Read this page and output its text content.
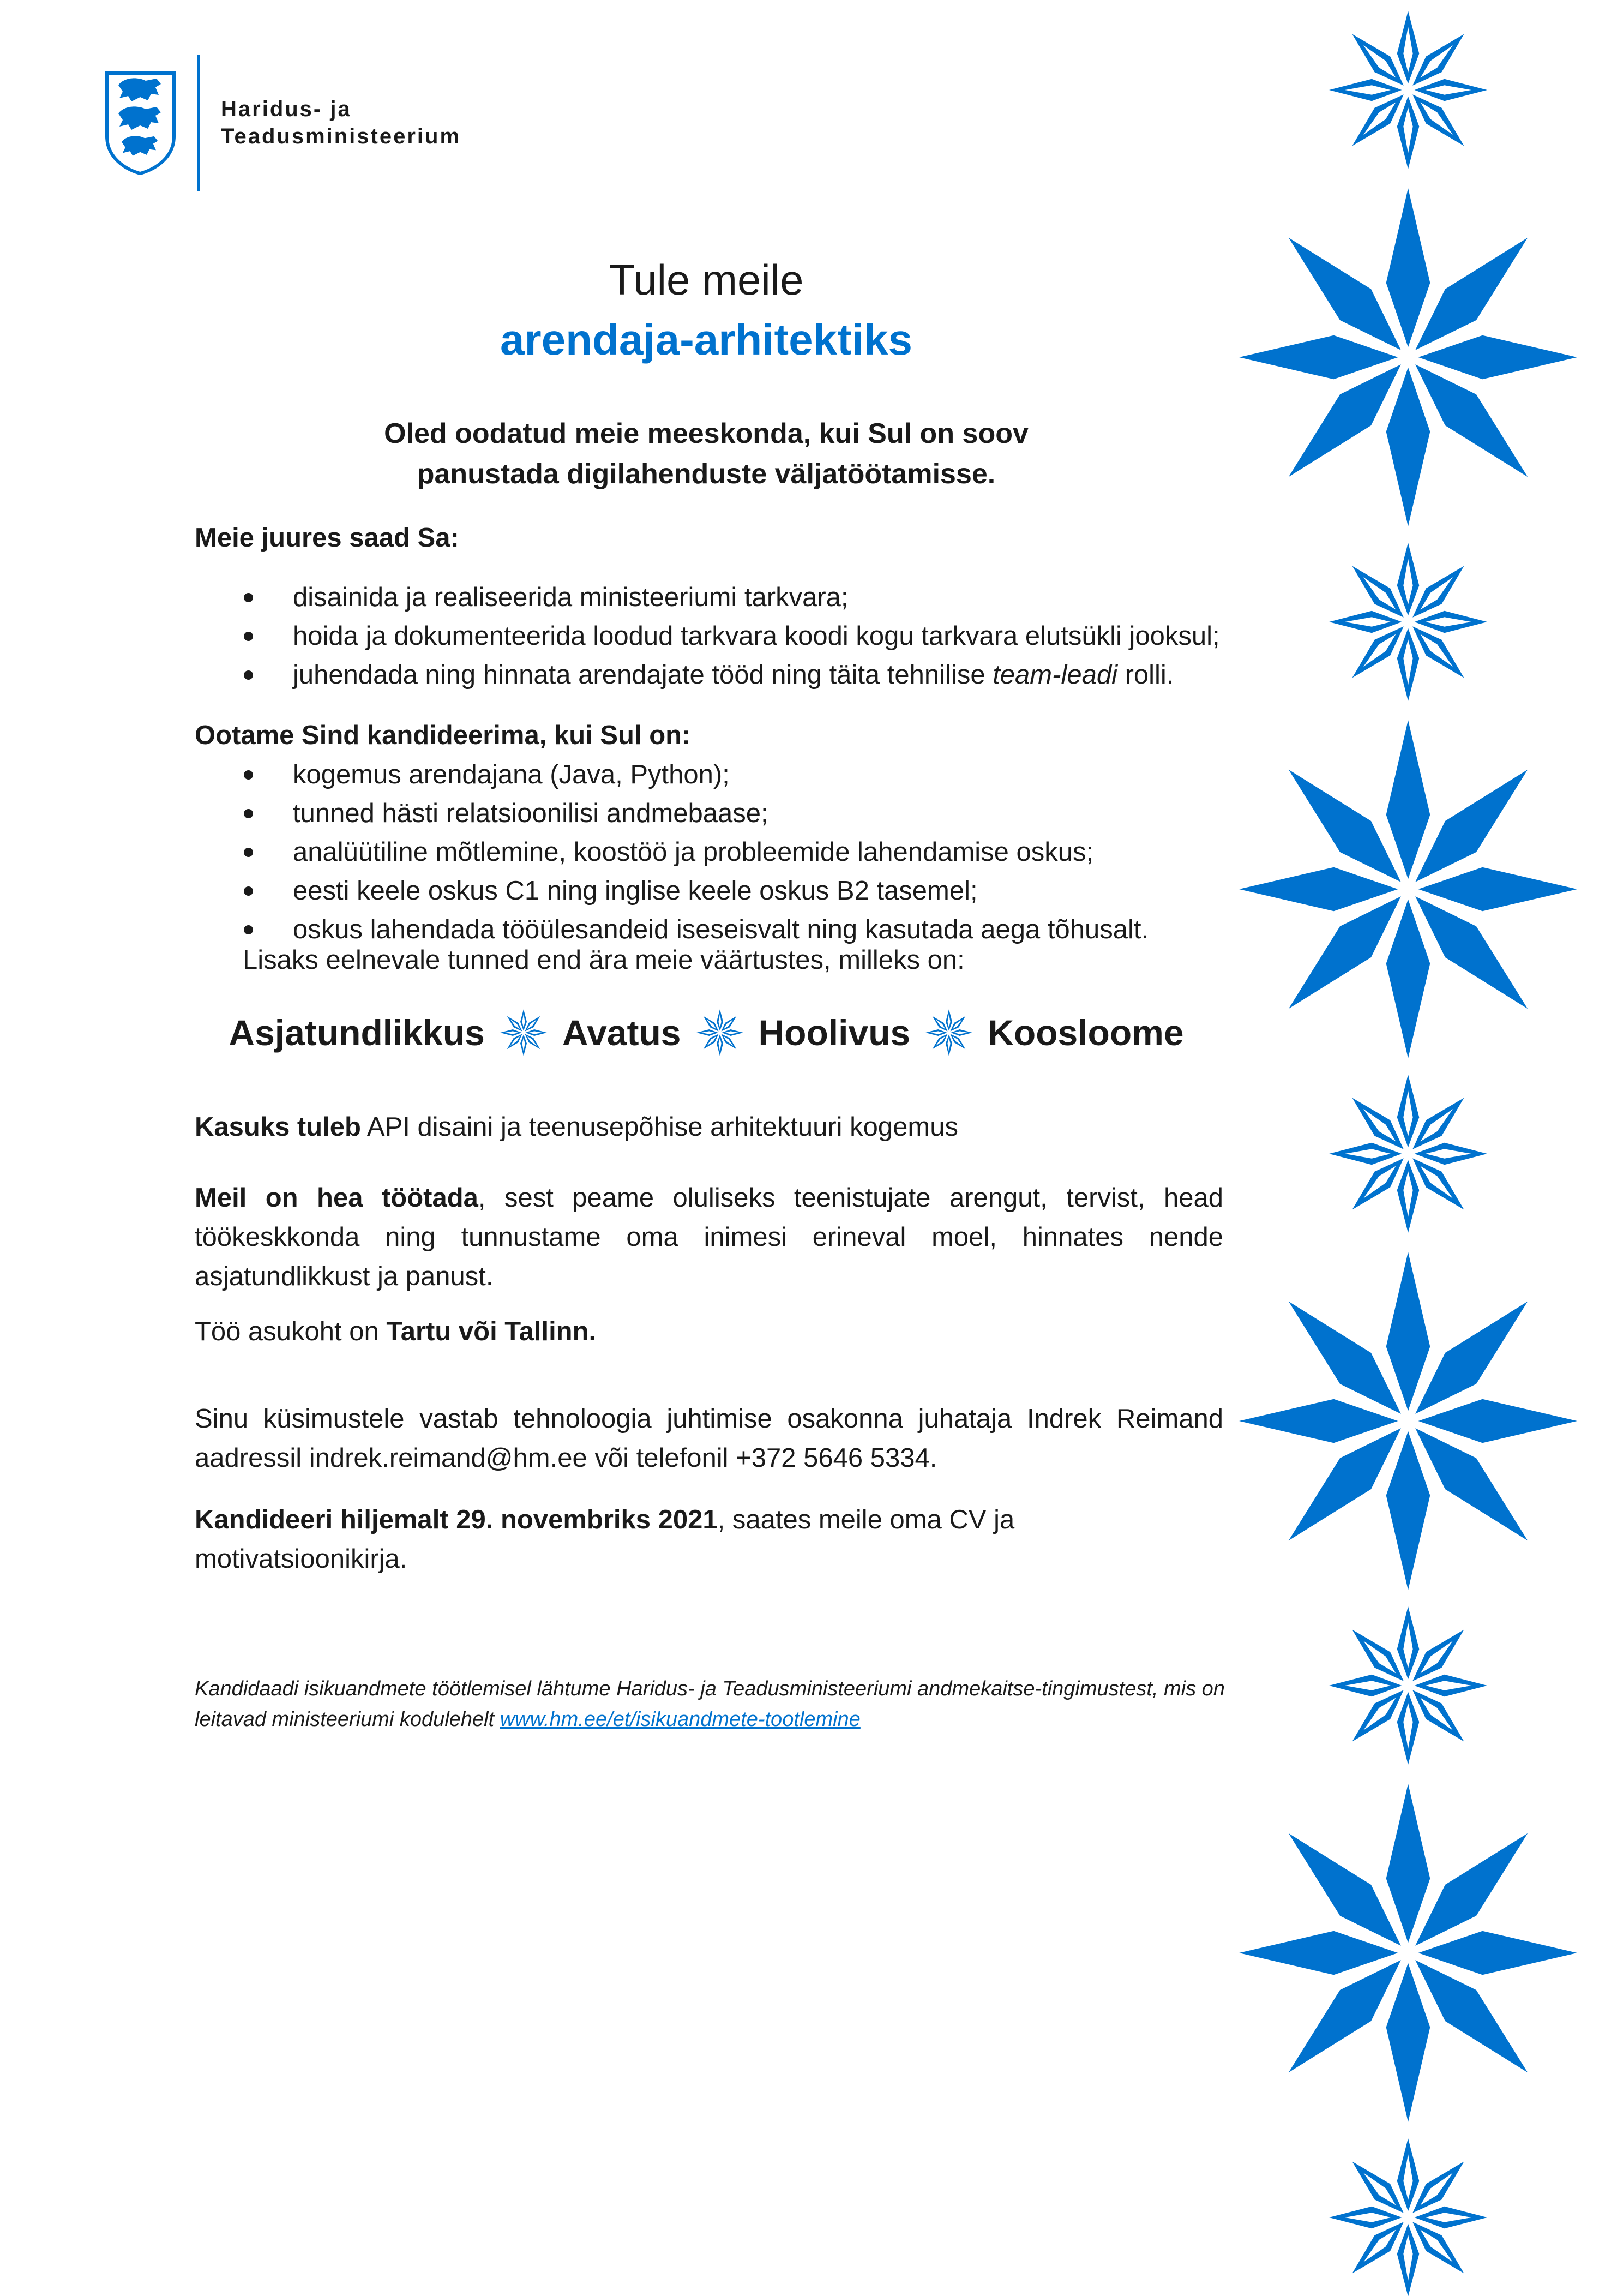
Haridus- ja
Teadusministeerium
Tule meile
arendaja-arhitektiks
Oled oodatud meie meeskonda, kui Sul on soov
panustada digilahenduste väljatöötamisse.
Meie juures saad Sa:
disainida ja realiseerida ministeeriumi tarkvara;
hoida ja dokumenteerida loodud tarkvara koodi kogu tarkvara elutsükli jooksul;
juhendada ning hinnata arendajate tööd ning täita tehnilise team-leadi rolli.
Ootame Sind kandideerima, kui Sul on:
kogemus arendajana (Java, Python);
tunned hästi relatsioonilisi andmebaase;
analüütiline mõtlemine, koostöö ja probleemide lahendamise oskus;
eesti keele oskus C1 ning inglise keele oskus B2 tasemel;
oskus lahendada tööülesandeid iseseisvalt ning kasutada aega tõhusalt.
Lisaks eelnevale tunned end ära meie väärtustes, milleks on:
Asjatundlikkus Avatus Hoolivus Koosloome
Kasuks tuleb API disaini ja teenusepõhise arhitektuuri kogemus
Meil on hea töötada, sest peame oluliseks teenistujate arengut, tervist, head töökeskkonda ning tunnustame oma inimesi erineval moel, hinnates nende asjatundlikkust ja panust.
Töö asukoht on Tartu või Tallinn.
Sinu küsimustele vastab tehnoloogia juhtimise osakonna juhataja Indrek Reimand aadressil indrek.reimand@hm.ee või telefonil +372 5646 5334.
Kandideeri hiljemalt 29. novembriks 2021, saates meile oma CV ja motivatsioonikirja.
Kandidaadi isikuandmete töötlemisel lähtume Haridus- ja Teadusministeeriumi andmekaitse-tingimustest, mis on leitavad ministeeriumi kodulehelt www.hm.ee/et/isikuandmete-tootlemine
